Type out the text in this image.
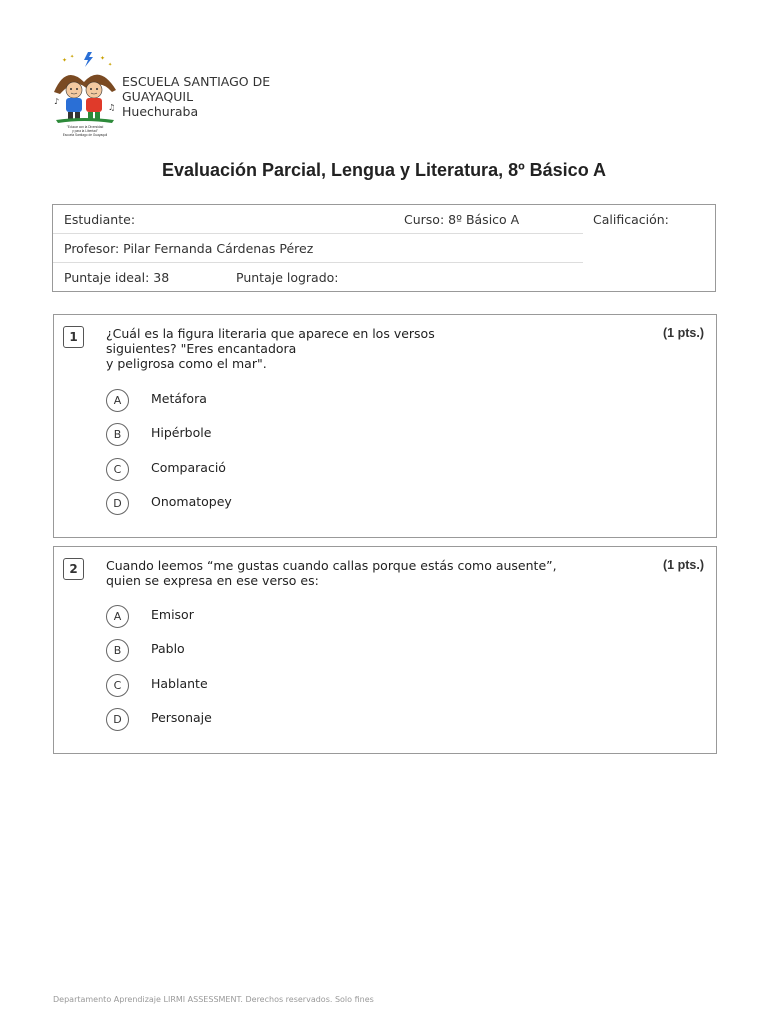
✦ ✦	✦
✦
♪
♫
"Educar con la Diversidad
y para la Libertad"
Escuela Santiago de Guayaquil
ESCUELA SANTIAGO DE
GUAYAQUIL
Huechuraba
Evaluación Parcial, Lengua y Literatura, 8º Básico A
Estudiante:	Curso: 8º Básico A	Calificación:
Profesor: Pilar Fernanda Cárdenas Pérez
Puntaje ideal: 38	Puntaje logrado:
1	¿Cuál es la figura literaria que aparece en los versos
siguientes? "Eres encantadora
y peligrosa como el mar".
(1 pts.)
A	Metáfora
B	Hipérbole
C	Comparació
D	Onomatopey
2	Cuando leemos “me gustas cuando callas porque estás como ausente”,
quien se expresa en ese verso es:
(1 pts.)
A	Emisor
B	Pablo
C	Hablante
D	Personaje
Departamento Aprendizaje LIRMI ASSESSMENT. Derechos reservados. Solo fines
